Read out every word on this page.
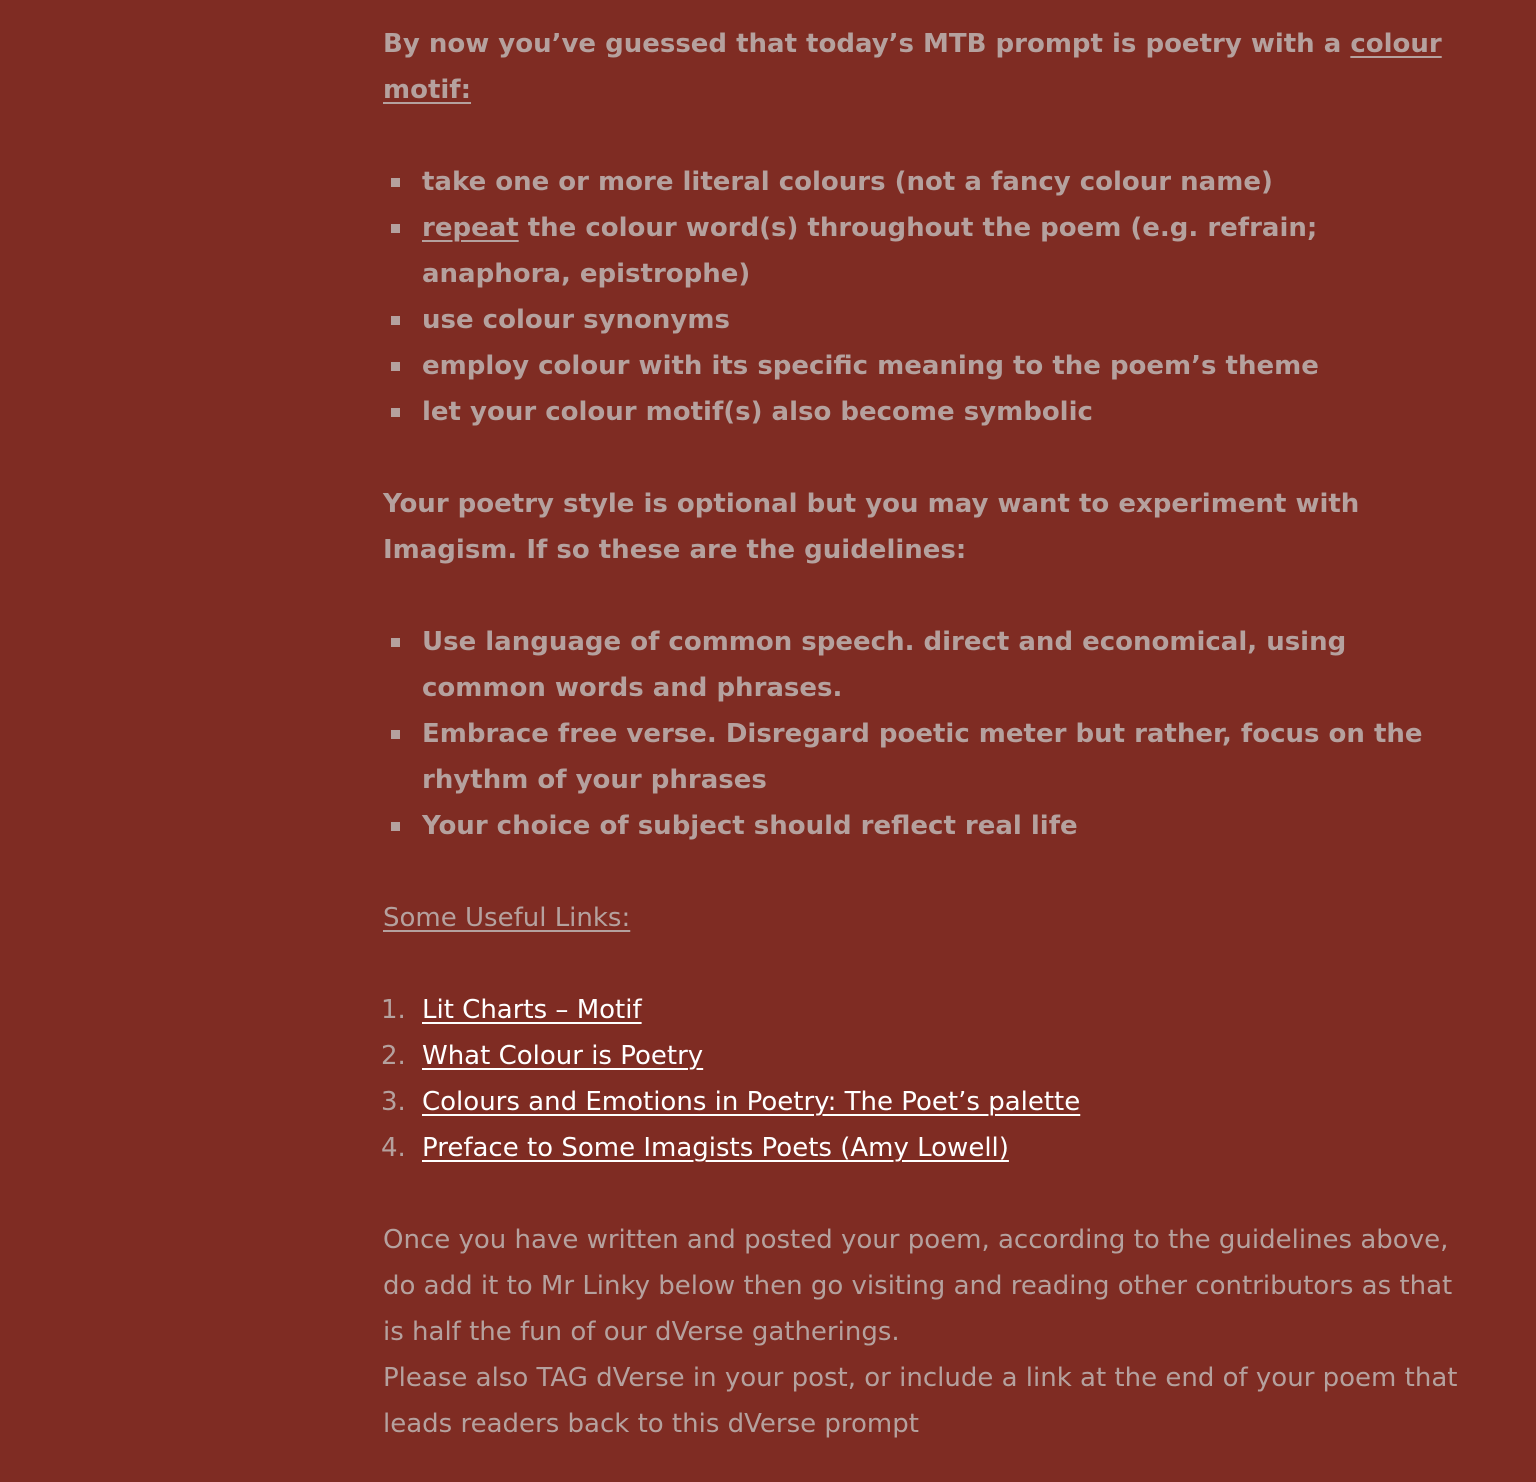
By now you’ve guessed that today’s MTB prompt is poetry with a colour motif:

take one or more literal colours (not a fancy colour name)
repeat the colour word(s) throughout the poem (e.g. refrain; anaphora, epistrophe)
use colour synonyms
employ colour with its specific meaning to the poem’s theme
let your colour motif(s) also become symbolic

Your poetry style is optional but you may want to experiment with Imagism. If so these are the guidelines:

Use language of common speech. direct and economical, using common words and phrases.
Embrace free verse. Disregard poetic meter but rather, focus on the rhythm of your phrases
Your choice of subject should reflect real life

Some Useful Links:

1. Lit Charts – Motif
2. What Colour is Poetry
3. Colours and Emotions in Poetry: The Poet’s palette
4. Preface to Some Imagists Poets (Amy Lowell)

Once you have written and posted your poem, according to the guidelines above, do add it to Mr Linky below then go visiting and reading other contributors as that is half the fun of our dVerse gatherings.
Please also TAG dVerse in your post, or include a link at the end of your poem that leads readers back to this dVerse prompt
